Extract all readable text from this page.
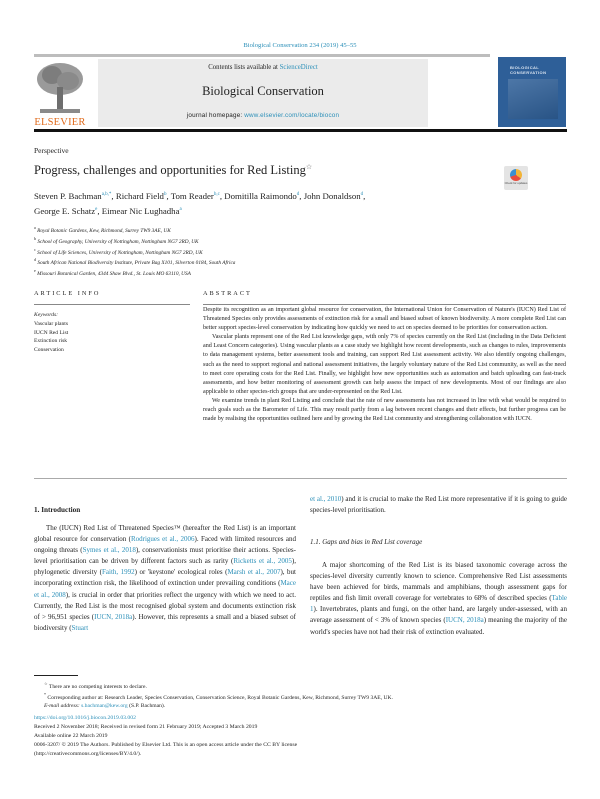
Biological Conservation 234 (2019) 45–55
ELSEVIER
Contents lists available at ScienceDirect
Biological Conservation
journal homepage: www.elsevier.com/locate/biocon
BIOLOGICAL
CONSERVATION
Perspective
Progress, challenges and opportunities for Red Listing☆
Check for updates
Steven P. Bachman$^{a,b,*}$, Richard Field$^b$, Tom Reader$^{b,c}$, Domitilla Raimondo$^d$, John Donaldson$^d$,
George E. Schatz$^e$, Eimear Nic Lughadha$^a$
$^a$ Royal Botanic Gardens, Kew, Richmond, Surrey TW9 3AE, UK
$^b$ School of Geography, University of Nottingham, Nottingham NG7 2RD, UK
$^c$ School of Life Sciences, University of Nottingham, Nottingham NG7 2RD, UK
$^d$ South African National Biodiversity Institute, Private Bag X101, Silverton 0184, South Africa
$^e$ Missouri Botanical Garden, 4344 Shaw Blvd., St. Louis MO 63110, USA
ARTICLE INFO
Keywords:
Vascular plants
IUCN Red List
Extinction risk
Conservation
ABSTRACT

Despite its recognition as an important global resource for conservation, the International Union for Conservation of Nature's (IUCN) Red List of Threatened Species only provides assessments of extinction risk for a small and biased subset of known biodiversity. A more complete Red List can better support species-level conservation by indicating how quickly we need to act on species deemed to be priorities for conservation action.

Vascular plants represent one of the Red List knowledge gaps, with only 7% of species currently on the Red List (including in the Data Deficient and Least Concern categories). Using vascular plants as a case study we highlight how recent developments, such as changes to rules, improvements to data management systems, better assessment tools and training, can support Red List assessment activity. We also identify ongoing challenges, such as the need to support regional and national assessment initiatives, the largely voluntary nature of the Red List community, as well as the need to meet core operating costs for the Red List. Finally, we highlight how new opportunities such as automation and batch uploading can fast-track assessments, and how better monitoring of assessment growth can help assess the impact of new developments. Most of our findings are also applicable to other species-rich groups that are under-represented on the Red List.

We examine trends in plant Red Listing and conclude that the rate of new assessments has not increased in line with what would be required to reach goals such as the Barometer of Life. This may result partly from a lag between recent changes and their effects, but further progress can be made by realising the opportunities outlined here and by growing the Red List community and strengthening collaboration with IUCN.

1. Introduction

The (IUCN) Red List of Threatened Species™ (hereafter the Red List) is an important global resource for conservation (Rodrigues et al., 2006). Faced with limited resources and ongoing threats (Symes et al., 2018), conservationists must prioritise their actions. Species-level prioritisation can be driven by different factors such as rarity (Ricketts et al., 2005), phylogenetic diversity (Faith, 1992) or 'keystone' ecological roles (Marsh et al., 2007), but incorporating extinction risk, the likelihood of extinction under prevailing conditions (Mace et al., 2008), is crucial in order that priorities reflect the urgency with which we need to act. Currently, the Red List is the most recognised global system and documents extinction risk of > 96,951 species (IUCN, 2018a). However, this represents a small and a biased subset of biodiversity (Stuart

et al., 2010) and it is crucial to make the Red List more representative if it is going to guide species-level prioritisation.

1.1. Gaps and bias in Red List coverage

A major shortcoming of the Red List is its biased taxonomic coverage across the species-level diversity currently known to science. Comprehensive Red List assessments have been achieved for birds, mammals and amphibians, though assessment gaps for reptiles and fish limit overall coverage for vertebrates to 68% of described species (Table 1). Invertebrates, plants and fungi, on the other hand, are largely under-assessed, with an average assessment of < 3% of known species (IUCN, 2018a) meaning the majority of the world's species have not had their risk of extinction evaluated.

☆ There are no competing interests to declare.
* Corresponding author at: Research Leader, Species Conservation, Conservation Science, Royal Botanic Gardens, Kew, Richmond, Surrey TW9 3AE, UK.
E-mail address: s.bachman@kew.org (S.P. Bachman).
https://doi.org/10.1016/j.biocon.2019.03.002
Received 2 November 2018; Received in revised form 21 February 2019; Accepted 3 March 2019
Available online 22 March 2019
0006-3207/ © 2019 The Authors. Published by Elsevier Ltd. This is an open access article under the CC BY license
(http://creativecommons.org/licenses/BY/4.0/).
